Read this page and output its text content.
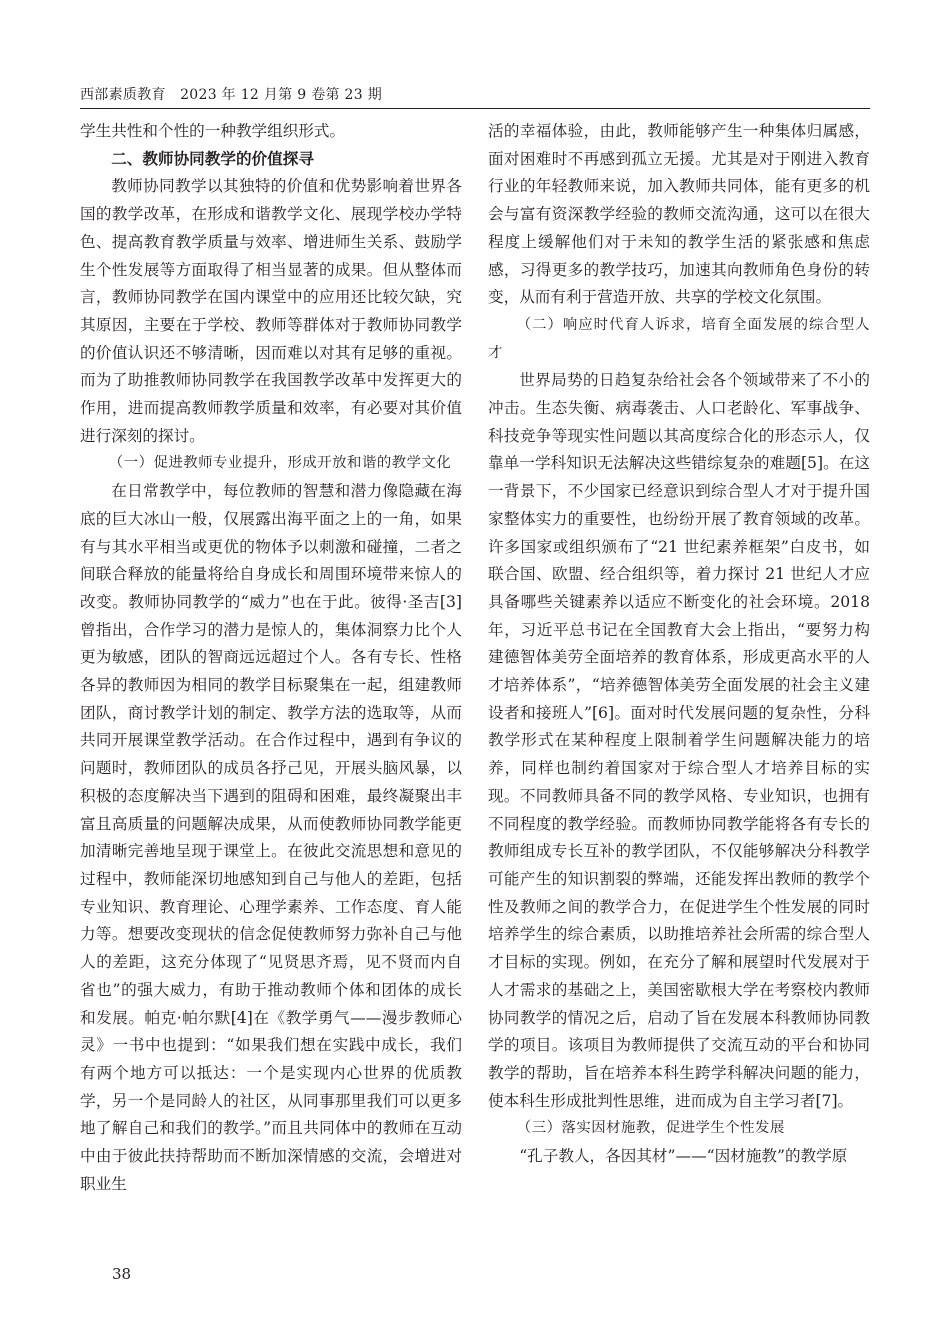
西部素质教育　2023 年 12 月第 9 卷第 23 期

学生共性和个性的一种教学组织形式。

二、教师协同教学的价值探寻

教师协同教学以其独特的价值和优势影响着世界各国的教学改革，在形成和谐教学文化、展现学校办学特色、提高教育教学质量与效率、增进师生关系、鼓励学生个性发展等方面取得了相当显著的成果。但从整体而言，教师协同教学在国内课堂中的应用还比较欠缺，究其原因，主要在于学校、教师等群体对于教师协同教学的价值认识还不够清晰，因而难以对其有足够的重视。而为了助推教师协同教学在我国教学改革中发挥更大的作用，进而提高教师教学质量和效率，有必要对其价值进行深刻的探讨。

（一）促进教师专业提升，形成开放和谐的教学文化

在日常教学中，每位教师的智慧和潜力像隐藏在海底的巨大冰山一般，仅展露出海平面之上的一角，如果有与其水平相当或更优的物体予以刺激和碰撞，二者之间联合释放的能量将给自身成长和周围环境带来惊人的改变。教师协同教学的“威力”也在于此。彼得·圣吉[3]曾指出，合作学习的潜力是惊人的，集体洞察力比个人更为敏感，团队的智商远远超过个人。各有专长、性格各异的教师因为相同的教学目标聚集在一起，组建教师团队，商讨教学计划的制定、教学方法的选取等，从而共同开展课堂教学活动。在合作过程中，遇到有争议的问题时，教师团队的成员各抒己见，开展头脑风暴，以积极的态度解决当下遇到的阻碍和困难，最终凝聚出丰富且高质量的问题解决成果，从而使教师协同教学能更加清晰完善地呈现于课堂上。在彼此交流思想和意见的过程中，教师能深切地感知到自己与他人的差距，包括专业知识、教育理论、心理学素养、工作态度、育人能力等。想要改变现状的信念促使教师努力弥补自己与他人的差距，这充分体现了“见贤思齐焉，见不贤而内自省也”的强大威力，有助于推动教师个体和团体的成长和发展。帕克·帕尔默[4]在《教学勇气——漫步教师心灵》一书中也提到：“如果我们想在实践中成长，我们有两个地方可以抵达：一个是实现内心世界的优质教学，另一个是同龄人的社区，从同事那里我们可以更多地了解自己和我们的教学。”而且共同体中的教师在互动中由于彼此扶持帮助而不断加深情感的交流，会增进对职业生

活的幸福体验，由此，教师能够产生一种集体归属感，面对困难时不再感到孤立无援。尤其是对于刚进入教育行业的年轻教师来说，加入教师共同体，能有更多的机会与富有资深教学经验的教师交流沟通，这可以在很大程度上缓解他们对于未知的教学生活的紧张感和焦虑感，习得更多的教学技巧，加速其向教师角色身份的转变，从而有利于营造开放、共享的学校文化氛围。

（二）响应时代育人诉求，培育全面发展的综合型人才

世界局势的日趋复杂给社会各个领域带来了不小的冲击。生态失衡、病毒袭击、人口老龄化、军事战争、科技竞争等现实性问题以其高度综合化的形态示人，仅靠单一学科知识无法解决这些错综复杂的难题[5]。在这一背景下，不少国家已经意识到综合型人才对于提升国家整体实力的重要性，也纷纷开展了教育领域的改革。许多国家或组织颁布了“21 世纪素养框架”白皮书，如联合国、欧盟、经合组织等，着力探讨 21 世纪人才应具备哪些关键素养以适应不断变化的社会环境。2018 年，习近平总书记在全国教育大会上指出，“要努力构建德智体美劳全面培养的教育体系，形成更高水平的人才培养体系”，“培养德智体美劳全面发展的社会主义建设者和接班人”[6]。面对时代发展问题的复杂性，分科教学形式在某种程度上限制着学生问题解决能力的培养，同样也制约着国家对于综合型人才培养目标的实现。不同教师具备不同的教学风格、专业知识，也拥有不同程度的教学经验。而教师协同教学能将各有专长的教师组成专长互补的教学团队，不仅能够解决分科教学可能产生的知识割裂的弊端，还能发挥出教师的教学个性及教师之间的教学合力，在促进学生个性发展的同时培养学生的综合素质，以助推培养社会所需的综合型人才目标的实现。例如，在充分了解和展望时代发展对于人才需求的基础之上，美国密歇根大学在考察校内教师协同教学的情况之后，启动了旨在发展本科教师协同教学的项目。该项目为教师提供了交流互动的平台和协同教学的帮助，旨在培养本科生跨学科解决问题的能力，使本科生形成批判性思维，进而成为自主学习者[7]。

（三）落实因材施教，促进学生个性发展

“孔子教人，各因其材”——“因材施教”的教学原

38
